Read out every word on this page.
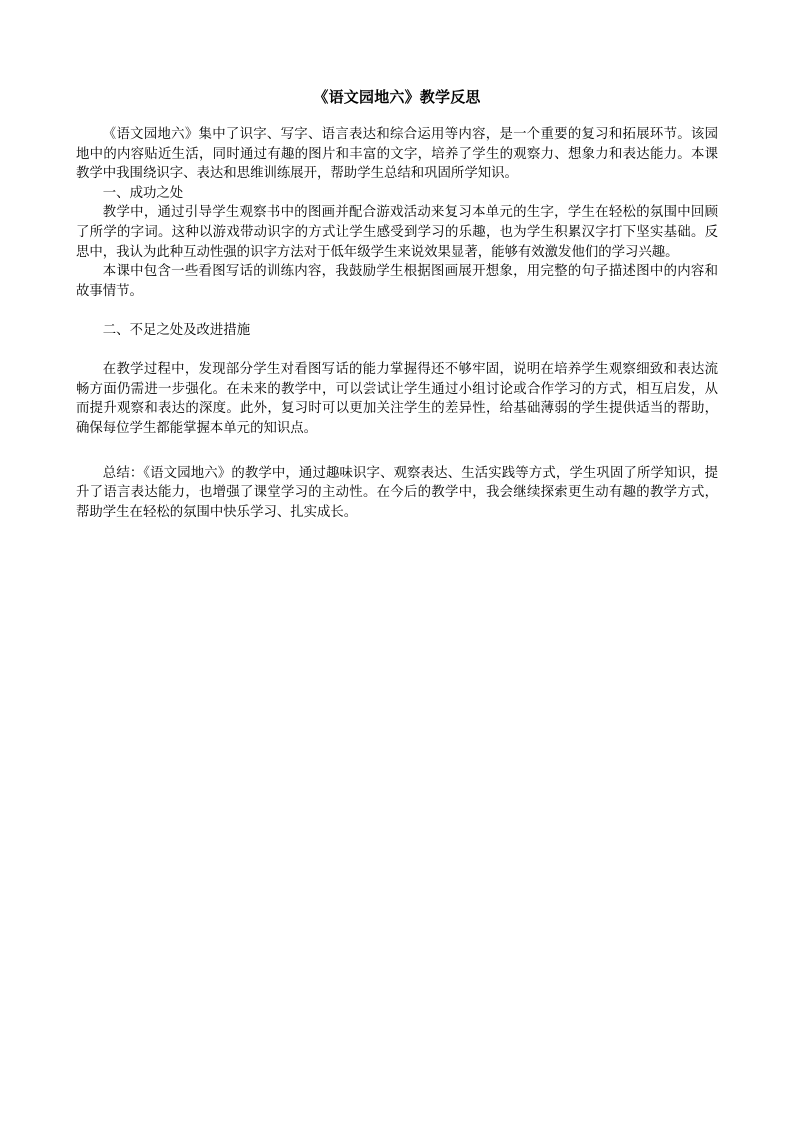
《语文园地六》教学反思

《语文园地六》集中了识字、写字、语言表达和综合运用等内容，是一个重要的复习和拓展环节。该园地中的内容贴近生活，同时通过有趣的图片和丰富的文字，培养了学生的观察力、想象力和表达能力。本课教学中我围绕识字、表达和思维训练展开，帮助学生总结和巩固所学知识。

一、成功之处

教学中，通过引导学生观察书中的图画并配合游戏活动来复习本单元的生字，学生在轻松的氛围中回顾了所学的字词。这种以游戏带动识字的方式让学生感受到学习的乐趣，也为学生积累汉字打下坚实基础。反思中，我认为此种互动性强的识字方法对于低年级学生来说效果显著，能够有效激发他们的学习兴趣。

本课中包含一些看图写话的训练内容，我鼓励学生根据图画展开想象，用完整的句子描述图中的内容和故事情节。

二、不足之处及改进措施

在教学过程中，发现部分学生对看图写话的能力掌握得还不够牢固，说明在培养学生观察细致和表达流畅方面仍需进一步强化。在未来的教学中，可以尝试让学生通过小组讨论或合作学习的方式，相互启发，从而提升观察和表达的深度。此外，复习时可以更加关注学生的差异性，给基础薄弱的学生提供适当的帮助，确保每位学生都能掌握本单元的知识点。

总结：《语文园地六》的教学中，通过趣味识字、观察表达、生活实践等方式，学生巩固了所学知识，提升了语言表达能力，也增强了课堂学习的主动性。在今后的教学中，我会继续探索更生动有趣的教学方式，帮助学生在轻松的氛围中快乐学习、扎实成长。
